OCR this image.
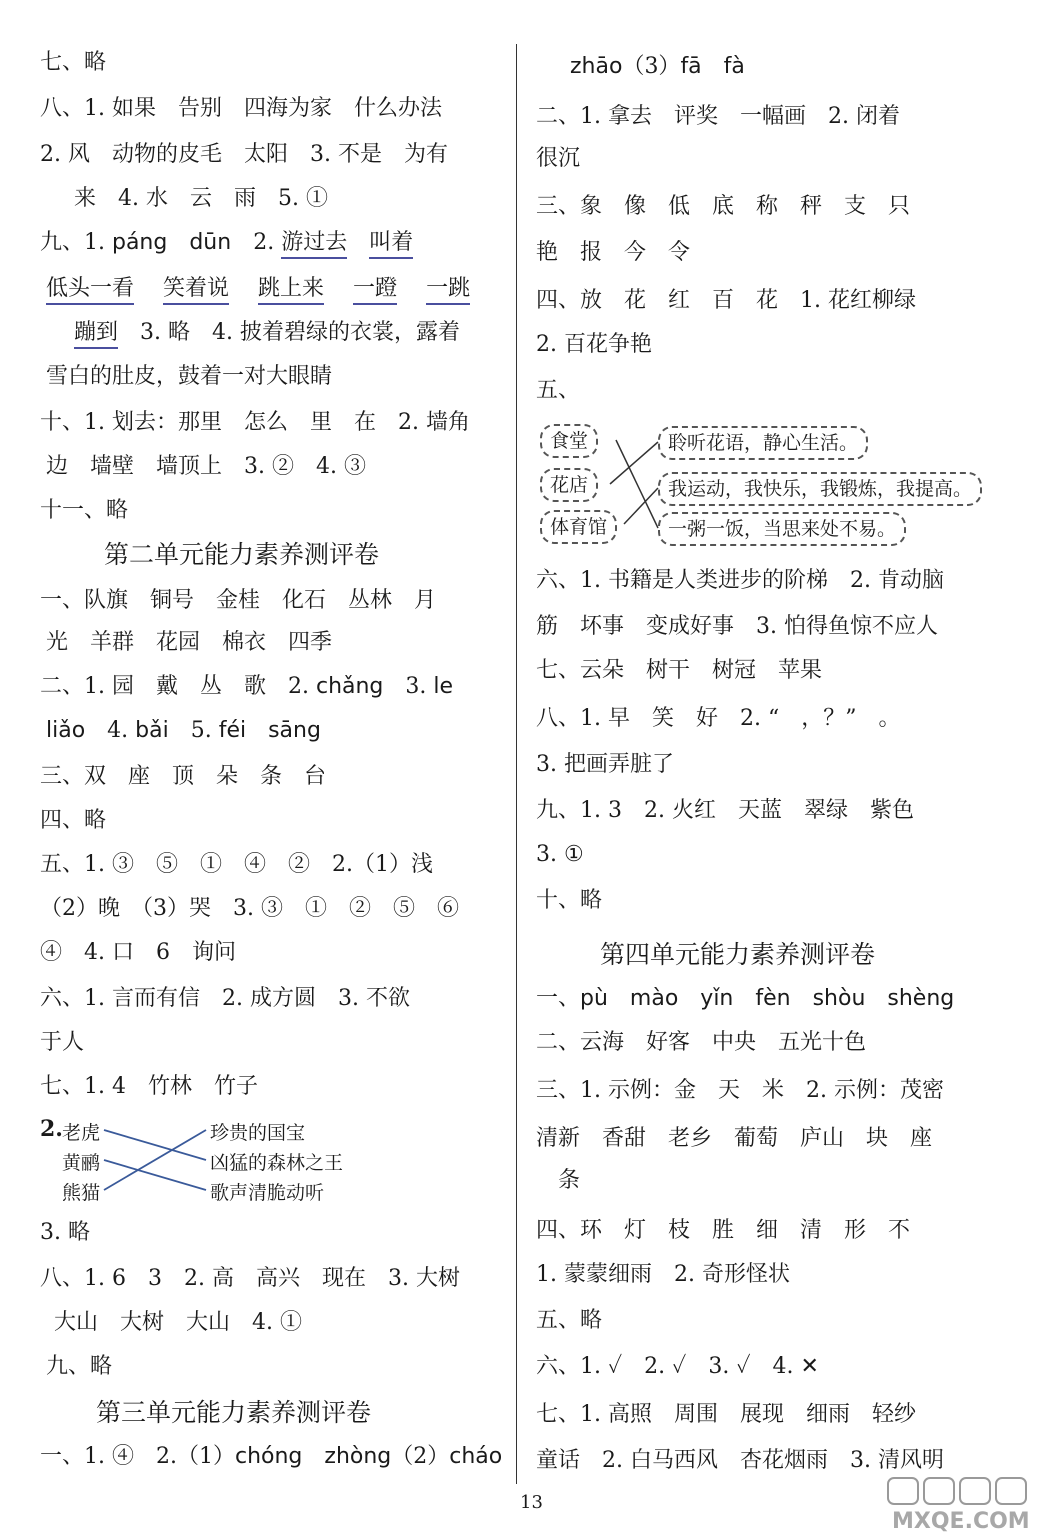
七、略
八、1. 如果　告别　四海为家　什么办法
2. 风　动物的皮毛　太阳　3. 不是　为有
来　4. 水　云　雨　5. ①
九、1. páng　dūn　2. 游过去　 叫着
低头一看　 笑着说　 跳上来　 一蹬　 一跳
蹦到　3. 略　4. 披着碧绿的衣裳，露着
雪白的肚皮，鼓着一对大眼睛
十、1. 划去：那里　怎么　里　在　2. 墙角
边　墙壁　墙顶上　3. ②　4. ③
十一、略
第二单元能力素养测评卷
一、队旗　铜号　金桂　化石　丛林　月
光　羊群　花园　棉衣　四季
二、1. 园　戴　丛　歌　2. chǎng　3. le
liǎo　4. bǎi　5. féi　sāng
三、双　座　顶　朵　条　台
四、略
五、1. ③　⑤　①　④　②　2.（1）浅
（2）晚　（3）哭　3. ③　①　②　⑤　⑥
④　4. 口　6　询问
六、1. 言而有信　2. 成方圆　3. 不欲
于人
七、1. 4　竹林　竹子
2. 老虎
黄鹂
熊猫
珍贵的国宝
凶猛的森林之王
歌声清脆动听
3. 略
八、1. 6　3　2. 高　高兴　现在　3. 大树
大山　大树　大山　4. ①
九、略
第三单元能力素养测评卷
一、1. ④　2.（1）chóng　zhòng（2）cháo
zhāo（3）fā　fà
二、1. 拿去　评奖　一幅画　2. 闭着
很沉
三、象　像　低　底　称　秤　支　只
艳　报　今　令
四、放　花　红　百　花　1. 花红柳绿
2. 百花争艳
五、
食堂
花店
体育馆
聆听花语，静心生活。
我运动，我快乐，我锻炼，我提高。
一粥一饭，当思来处不易。
六、1. 书籍是人类进步的阶梯　2. 肯动脑
筋　坏事　变成好事　3. 怕得鱼惊不应人
七、云朵　树干　树冠　苹果
八、1. 早　笑　好　2. “　，？”　。
3. 把画弄脏了
九、1. 3　2. 火红　天蓝　翠绿　紫色
3. ①
十、略
第四单元能力素养测评卷
一、pù　mào　yǐn　fèn　shòu　shèng
二、云海　好客　中央　五光十色
三、1. 示例：金　天　米　2. 示例：茂密
清新　香甜　老乡　葡萄　庐山　块　座
条
四、环　灯　枝　胜　细　清　形　不
1. 蒙蒙细雨　2. 奇形怪状
五、略
六、1. ✓　2. ✓　3. ✓　4. ✕
七、1. 高照　周围　展现　细雨　轻纱
童话　2. 白马西风　杏花烟雨　3. 清风明
13
MXQE.COM
